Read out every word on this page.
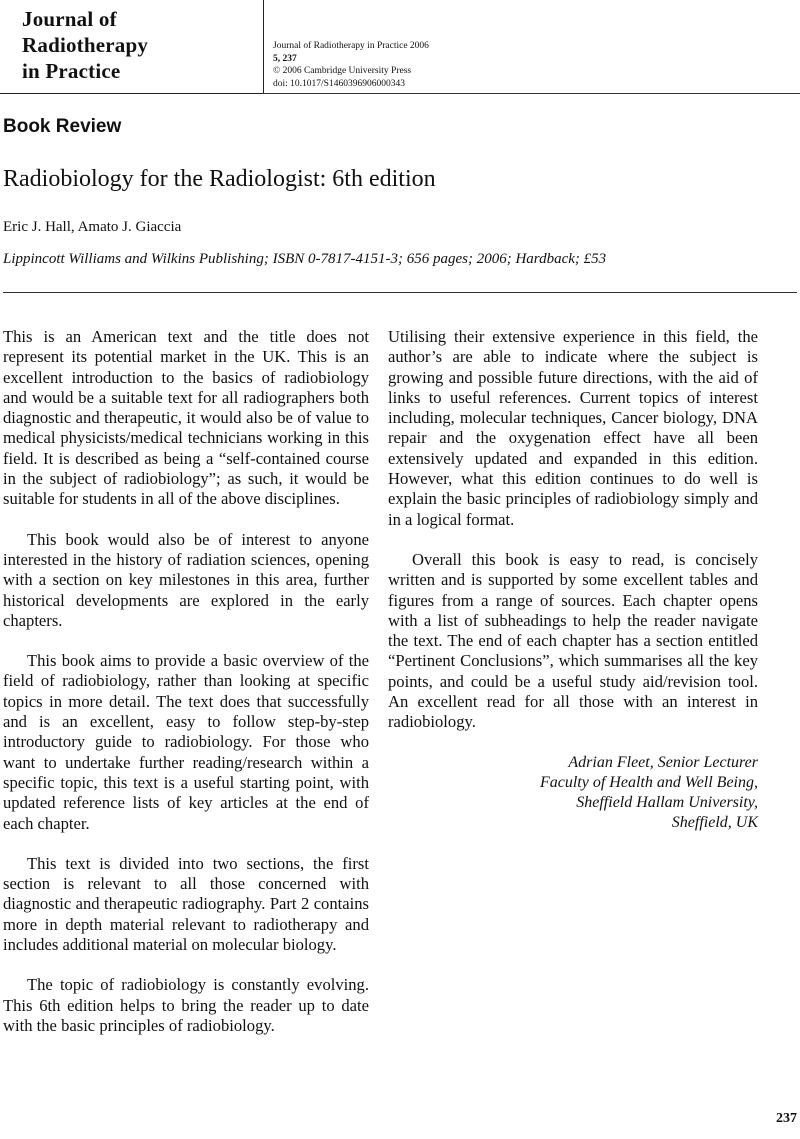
Journal of
Radiotherapy
in Practice
Journal of Radiotherapy in Practice 2006
5, 237
© 2006 Cambridge University Press
doi: 10.1017/S1460396906000343
Book Review
Radiobiology for the Radiologist: 6th edition
Eric J. Hall, Amato J. Giaccia
Lippincott Williams and Wilkins Publishing; ISBN 0-7817-4151-3; 656 pages; 2006; Hardback; £53

This is an American text and the title does not represent its potential market in the UK. This is an excellent introduction to the basics of radiobiology and would be a suitable text for all radiographers both diagnostic and therapeutic, it would also be of value to medical physicists/medical technicians working in this field. It is described as being a “self-contained course in the subject of radiobiology”; as such, it would be suitable for students in all of the above disciplines.

This book would also be of interest to anyone interested in the history of radiation sciences, opening with a section on key milestones in this area, further historical developments are explored in the early chapters.

This book aims to provide a basic overview of the field of radiobiology, rather than looking at specific topics in more detail. The text does that successfully and is an excellent, easy to follow step-by-step introductory guide to radiobiology. For those who want to undertake further reading/research within a specific topic, this text is a useful starting point, with updated reference lists of key articles at the end of each chapter.

This text is divided into two sections, the first section is relevant to all those concerned with diagnostic and therapeutic radiography. Part 2 contains more in depth material relevant to radiotherapy and includes additional material on molecular biology.

The topic of radiobiology is constantly evolving. This 6th edition helps to bring the reader up to date with the basic principles of radiobiology.

Utilising their extensive experience in this field, the author’s are able to indicate where the subject is growing and possible future directions, with the aid of links to useful references. Current topics of interest including, molecular techniques, Cancer biology, DNA repair and the oxygenation effect have all been extensively updated and expanded in this edition. However, what this edition continues to do well is explain the basic principles of radiobiology simply and in a logical format.

Overall this book is easy to read, is concisely written and is supported by some excellent tables and figures from a range of sources. Each chapter opens with a list of subheadings to help the reader navigate the text. The end of each chapter has a section entitled “Pertinent Conclusions”, which summarises all the key points, and could be a useful study aid/revision tool. An excellent read for all those with an interest in radiobiology.

Adrian Fleet, Senior Lecturer
Faculty of Health and Well Being,
Sheffield Hallam University,
Sheffield, UK
237
